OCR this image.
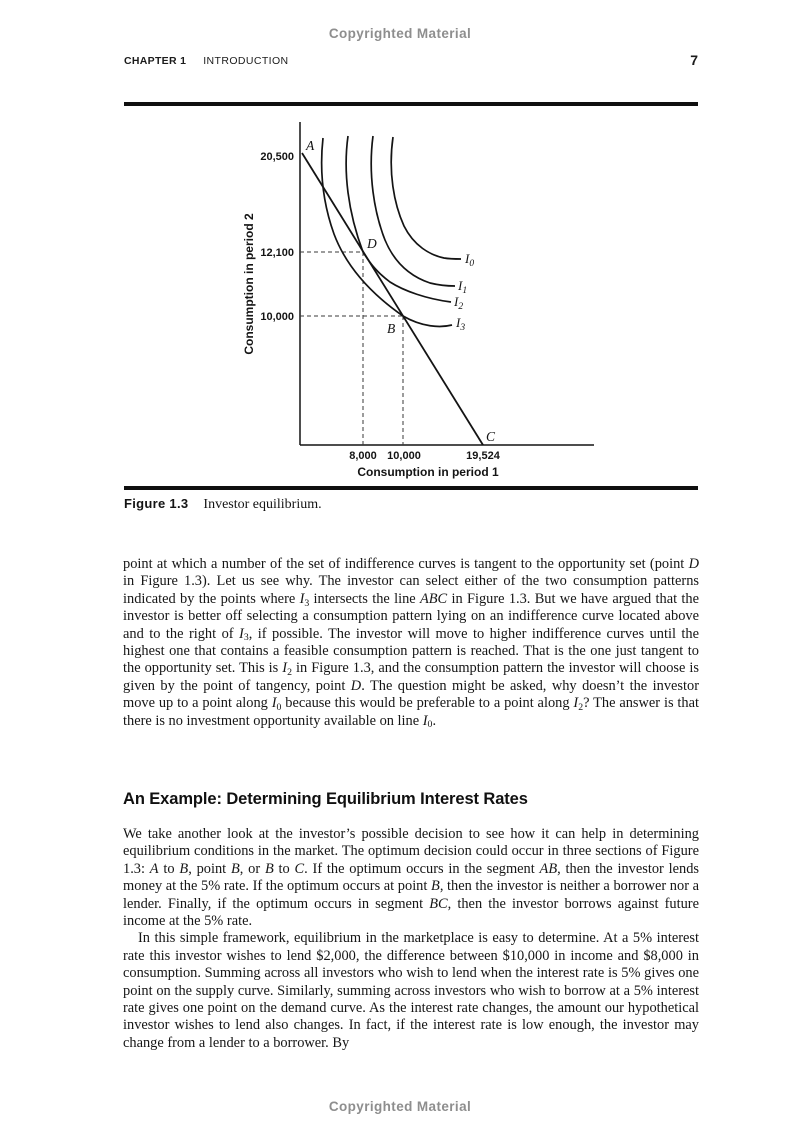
Copyrighted Material
CHAPTER 1 INTRODUCTION	7
20,500
12,100
10,000
8,000 10,000	19,524
Consumption in period 1
Consumption in period 2
A
D
B
C
$I_0$
$I_1$
$I_2$
$I_3$
Figure 1.3 Investor equilibrium.

point at which a number of the set of indifference curves is tangent to the opportunity set (point D in Figure 1.3). Let us see why. The investor can select either of the two consumption patterns indicated by the points where $I_3$ intersects the line ABC in Figure 1.3. But we have argued that the investor is better off selecting a consumption pattern lying on an indifference curve located above and to the right of $I_3$, if possible. The investor will move to higher indifference curves until the highest one that contains a feasible consumption pattern is reached. That is the one just tangent to the opportunity set. This is $I_2$ in Figure 1.3, and the consumption pattern the investor will choose is given by the point of tangency, point D. The question might be asked, why doesn’t the investor move up to a point along $I_0$ because this would be preferable to a point along $I_2$? The answer is that there is no investment opportunity available on line $I_0$.

An Example: Determining Equilibrium Interest Rates

We take another look at the investor’s possible decision to see how it can help in determining equilibrium conditions in the market. The optimum decision could occur in three sections of Figure 1.3: A to B, point B, or B to C. If the optimum occurs in the segment AB, then the investor lends money at the 5% rate. If the optimum occurs at point B, then the investor is neither a borrower nor a lender. Finally, if the optimum occurs in segment BC, then the investor borrows against future income at the 5% rate.

In this simple framework, equilibrium in the marketplace is easy to determine. At a 5% interest rate this investor wishes to lend $2,000, the difference between $10,000 in income and $8,000 in consumption. Summing across all investors who wish to lend when the interest rate is 5% gives one point on the supply curve. Similarly, summing across investors who wish to borrow at a 5% interest rate gives one point on the demand curve. As the interest rate changes, the amount our hypothetical investor wishes to lend also changes. In fact, if the interest rate is low enough, the investor may change from a lender to a borrower. By

Copyrighted Material
